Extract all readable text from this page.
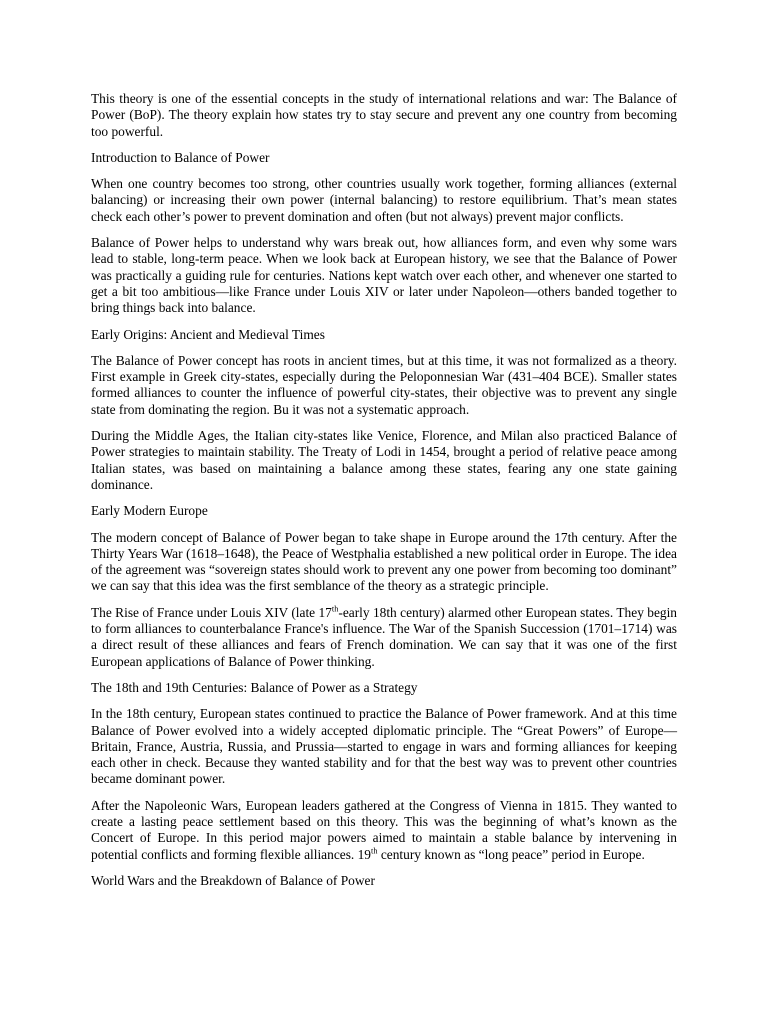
This theory is one of the essential concepts in the study of international relations and war: The Balance of Power (BoP). The theory explain how states try to stay secure and prevent any one country from becoming too powerful.

Introduction to Balance of Power

When one country becomes too strong, other countries usually work together, forming alliances (external balancing) or increasing their own power (internal balancing) to restore equilibrium. That’s mean states check each other’s power to prevent domination and often (but not always) prevent major conflicts.

Balance of Power helps to understand why wars break out, how alliances form, and even why some wars lead to stable, long-term peace. When we look back at European history, we see that the Balance of Power was practically a guiding rule for centuries. Nations kept watch over each other, and whenever one started to get a bit too ambitious—like France under Louis XIV or later under Napoleon—others banded together to bring things back into balance.

Early Origins: Ancient and Medieval Times

The Balance of Power concept has roots in ancient times, but at this time, it was not formalized as a theory. First example in Greek city-states, especially during the Peloponnesian War (431–404 BCE). Smaller states formed alliances to counter the influence of powerful city-states, their objective was to prevent any single state from dominating the region. Bu it was not a systematic approach.

During the Middle Ages, the Italian city-states like Venice, Florence, and Milan also practiced Balance of Power strategies to maintain stability. The Treaty of Lodi in 1454, brought a period of relative peace among Italian states, was based on maintaining a balance among these states, fearing any one state gaining dominance.

Early Modern Europe

The modern concept of Balance of Power began to take shape in Europe around the 17th century. After the Thirty Years War (1618–1648), the Peace of Westphalia established a new political order in Europe. The idea of the agreement was “sovereign states should work to prevent any one power from becoming too dominant” we can say that this idea was the first semblance of the theory as a strategic principle.

The Rise of France under Louis XIV (late 17th-early 18th century) alarmed other European states. They begin to form alliances to counterbalance France's influence. The War of the Spanish Succession (1701–1714) was a direct result of these alliances and fears of French domination. We can say that it was one of the first European applications of Balance of Power thinking.

The 18th and 19th Centuries: Balance of Power as a Strategy

In the 18th century, European states continued to practice the Balance of Power framework. And at this time Balance of Power evolved into a widely accepted diplomatic principle. The “Great Powers” of Europe—Britain, France, Austria, Russia, and Prussia—started to engage in wars and forming alliances for keeping each other in check. Because they wanted stability and for that the best way was to prevent other countries became dominant power.

After the Napoleonic Wars, European leaders gathered at the Congress of Vienna in 1815. They wanted to create a lasting peace settlement based on this theory. This was the beginning of what’s known as the Concert of Europe. In this period major powers aimed to maintain a stable balance by intervening in potential conflicts and forming flexible alliances. 19th century known as “long peace” period in Europe.

World Wars and the Breakdown of Balance of Power
